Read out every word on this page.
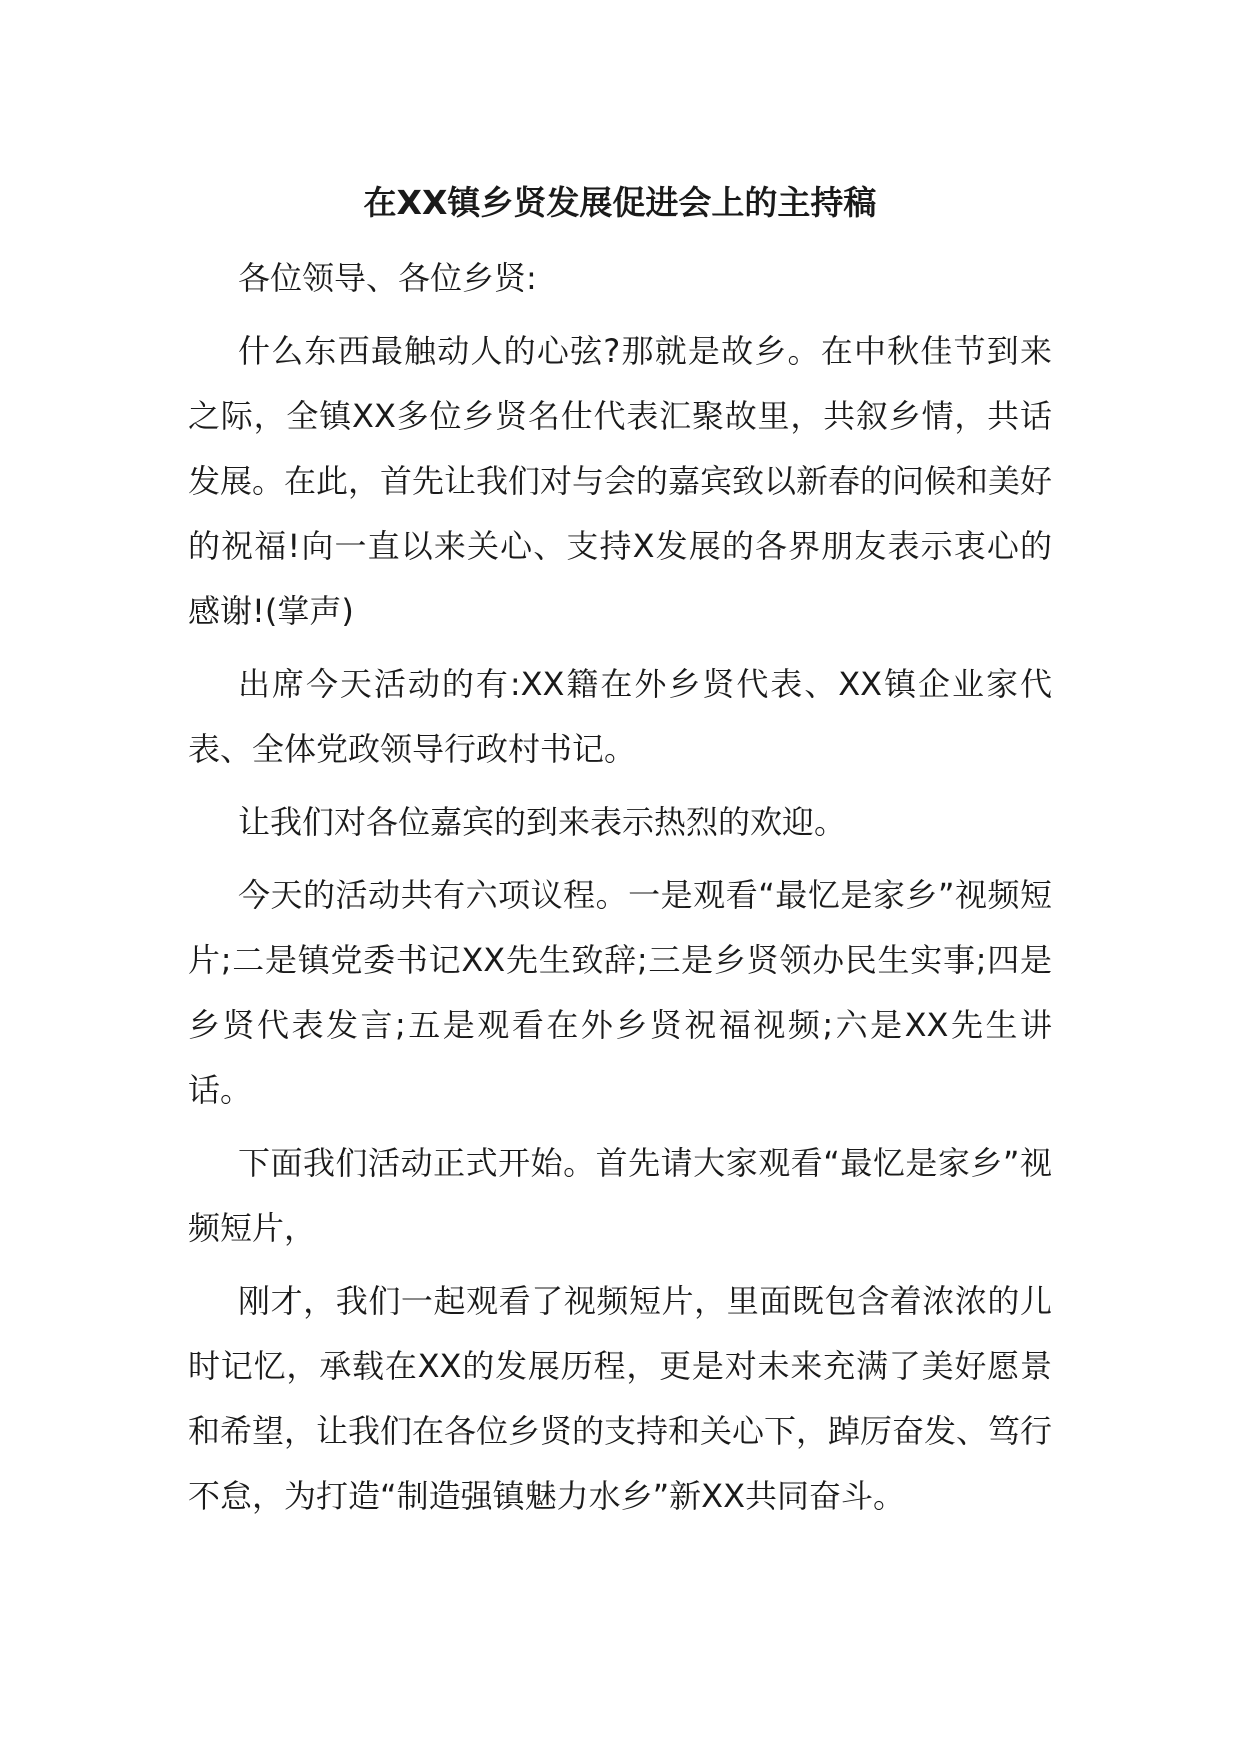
在XX镇乡贤发展促进会上的主持稿

各位领导、各位乡贤:

什么东西最触动人的心弦?那就是故乡。在中秋佳节到来之际，全镇XX多位乡贤名仕代表汇聚故里，共叙乡情，共话发展。在此，首先让我们对与会的嘉宾致以新春的问候和美好的祝福!向一直以来关心、支持X发展的各界朋友表示衷心的感谢!(掌声)

出席今天活动的有:XX籍在外乡贤代表、XX镇企业家代表、全体党政领导行政村书记。

让我们对各位嘉宾的到来表示热烈的欢迎。

今天的活动共有六项议程。一是观看“最忆是家乡”视频短片;二是镇党委书记XX先生致辞;三是乡贤领办民生实事;四是乡贤代表发言;五是观看在外乡贤祝福视频;六是XX先生讲话。

下面我们活动正式开始。首先请大家观看“最忆是家乡”视频短片，

刚才，我们一起观看了视频短片，里面既包含着浓浓的儿时记忆，承载在XX的发展历程，更是对未来充满了美好愿景和希望，让我们在各位乡贤的支持和关心下，踔厉奋发、笃行不怠，为打造“制造强镇魅力水乡”新XX共同奋斗。
